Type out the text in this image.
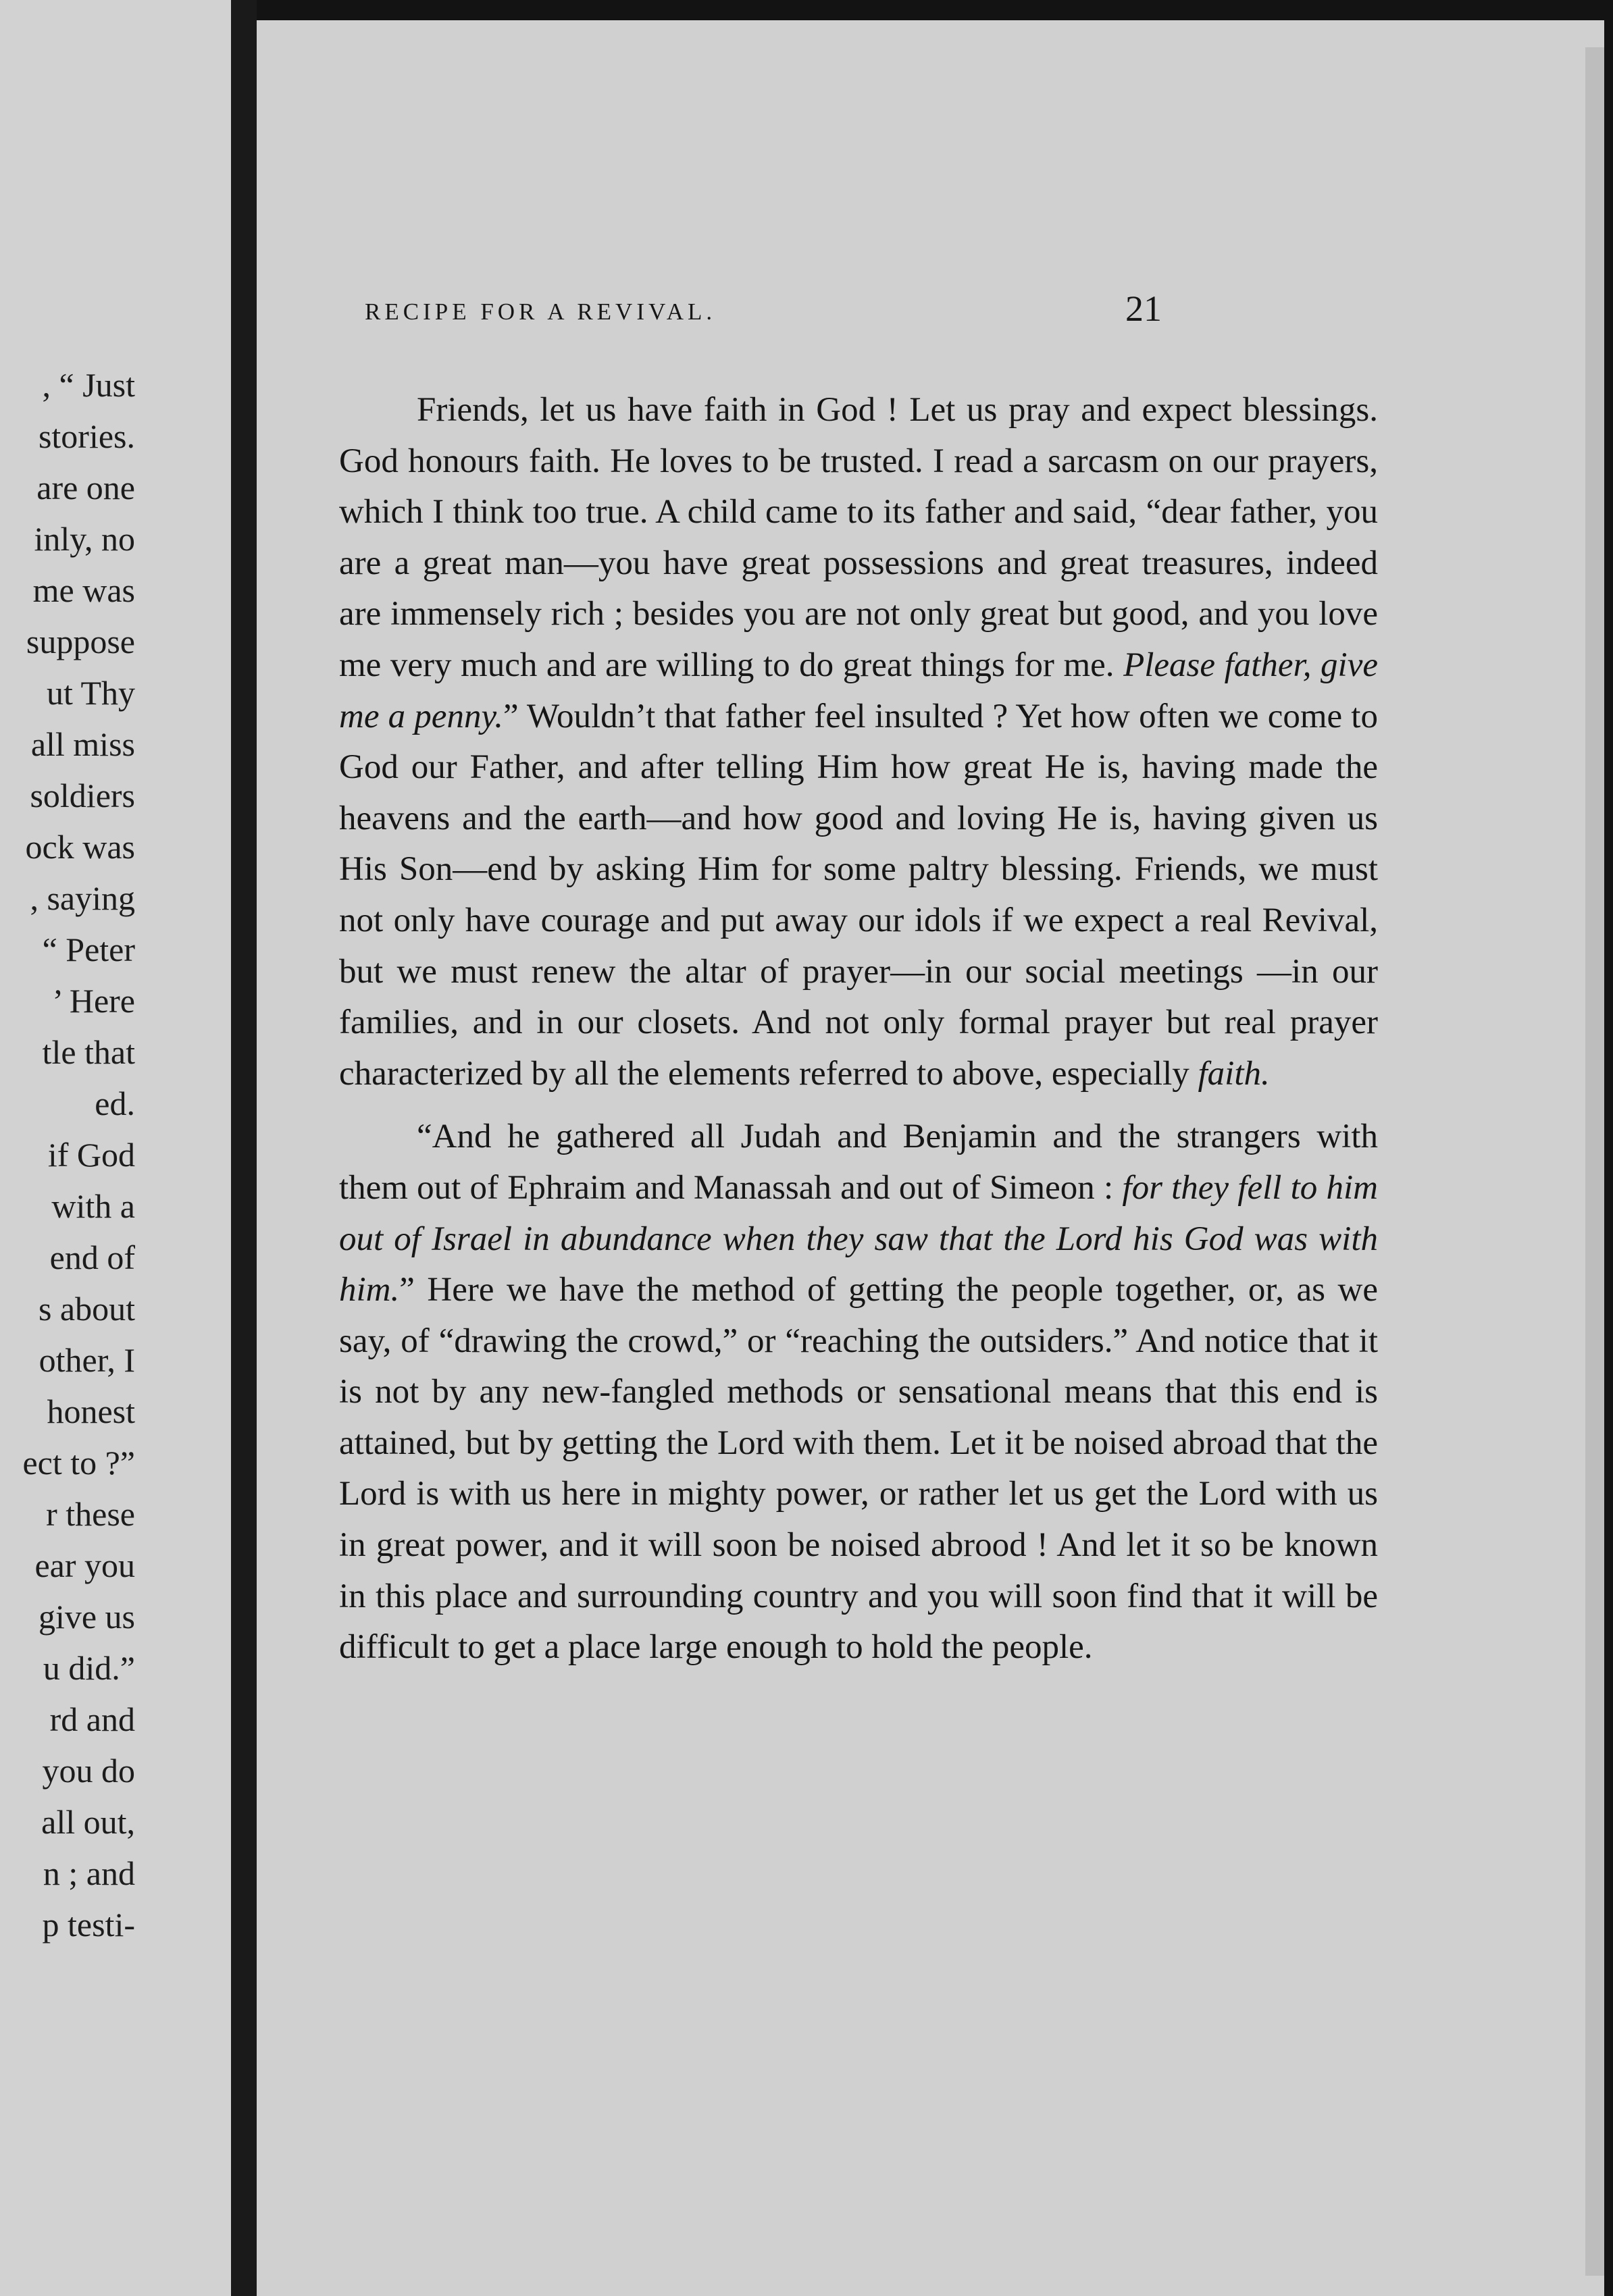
, “ Just
stories.
are one
inly, no
me was
suppose
ut Thy
all miss
soldiers
ock was
, saying
“ Peter
’ Here
tle that
ed.
if God
with a
end of
s about
other, I
honest
ect to ?”
r these
ear you
give us
u did.”
rd and
you do
all out,
n ; and
p testi-
RECIPE FOR A REVIVAL.	21

Friends, let us have faith in God ! Let us pray and expect blessings. God honours faith. He loves to be trusted. I read a sarcasm on our prayers, which I think too true. A child came to its father and said, “dear father, you are a great man—you have great possessions and great treasures, indeed are immensely rich ; besides you are not only great but good, and you love me very much and are willing to do great things for me. Please father, give me a penny.” Wouldn’t that father feel insulted ? Yet how often we come to God our Father, and after telling Him how great He is, having made the heavens and the earth—and how good and loving He is, having given us His Son—end by asking Him for some paltry blessing. Friends, we must not only have courage and put away our idols if we expect a real Revival, but we must renew the altar of prayer—in our social meetings —in our families, and in our closets. And not only formal prayer but real prayer characterized by all the elements referred to above, especially faith.

“And he gathered all Judah and Benjamin and the strangers with them out of Ephraim and Manassah and out of Simeon : for they fell to him out of Israel in abundance when they saw that the Lord his God was with him.” Here we have the method of getting the people together, or, as we say, of “drawing the crowd,” or “reaching the outsiders.” And notice that it is not by any new-fangled methods or sensational means that this end is attained, but by getting the Lord with them. Let it be noised abroad that the Lord is with us here in mighty power, or rather let us get the Lord with us in great power, and it will soon be noised abrood ! And let it so be known in this place and surrounding country and you will soon find that it will be difficult to get a place large enough to hold the people.
